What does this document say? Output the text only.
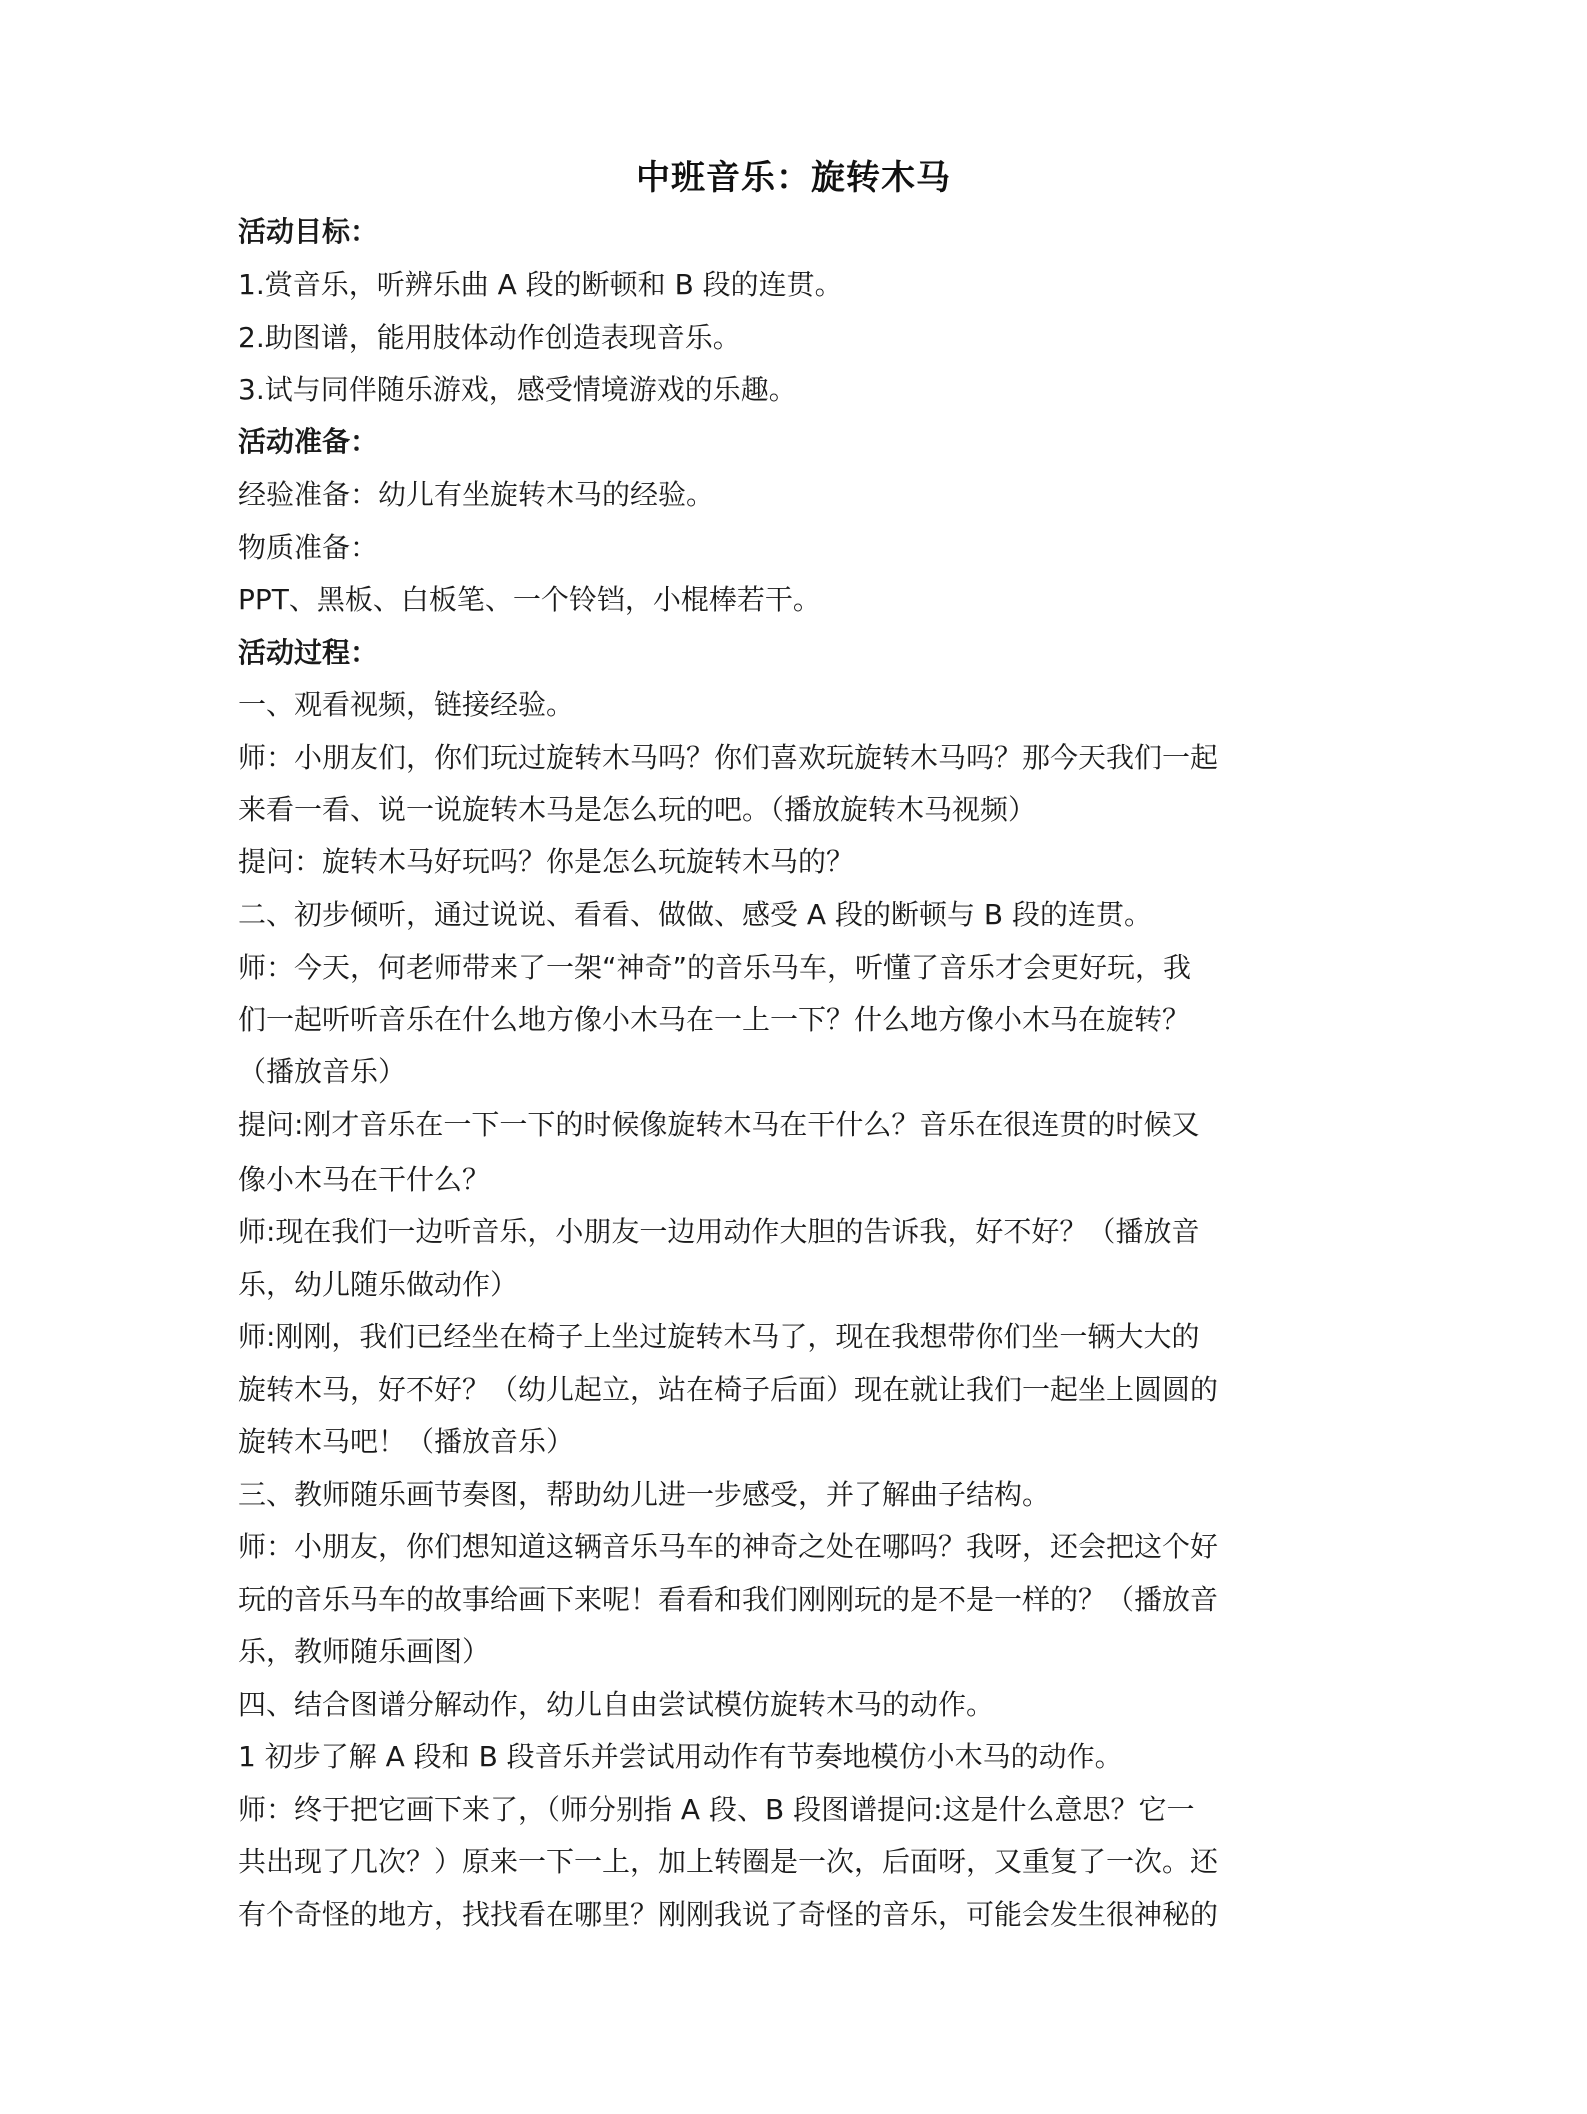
中班音乐：旋转木马
活动目标：
1.赏音乐，听辨乐曲 A 段的断顿和 B 段的连贯。
2.助图谱，能用肢体动作创造表现音乐。
3.试与同伴随乐游戏，感受情境游戏的乐趣。
活动准备：
经验准备：幼儿有坐旋转木马的经验。
物质准备：
PPT、黑板、白板笔、一个铃铛，小棍棒若干。
活动过程：
一、观看视频，链接经验。
师：小朋友们，你们玩过旋转木马吗？你们喜欢玩旋转木马吗？那今天我们一起
来看一看、说一说旋转木马是怎么玩的吧。（播放旋转木马视频）
提问：旋转木马好玩吗？你是怎么玩旋转木马的？
二、初步倾听，通过说说、看看、做做、感受 A 段的断顿与 B 段的连贯。
师：今天，何老师带来了一架“神奇”的音乐马车，听懂了音乐才会更好玩，我
们一起听听音乐在什么地方像小木马在一上一下？什么地方像小木马在旋转？
（播放音乐）
提问:刚才音乐在一下一下的时候像旋转木马在干什么？音乐在很连贯的时候又
像小木马在干什么？
师:现在我们一边听音乐，小朋友一边用动作大胆的告诉我，好不好？（播放音
乐，幼儿随乐做动作）
师:刚刚，我们已经坐在椅子上坐过旋转木马了，现在我想带你们坐一辆大大的
旋转木马，好不好？（幼儿起立，站在椅子后面）现在就让我们一起坐上圆圆的
旋转木马吧！（播放音乐）
三、教师随乐画节奏图，帮助幼儿进一步感受，并了解曲子结构。
师：小朋友，你们想知道这辆音乐马车的神奇之处在哪吗？我呀，还会把这个好
玩的音乐马车的故事给画下来呢！看看和我们刚刚玩的是不是一样的？（播放音
乐，教师随乐画图）
四、结合图谱分解动作，幼儿自由尝试模仿旋转木马的动作。
1 初步了解 A 段和 B 段音乐并尝试用动作有节奏地模仿小木马的动作。
师：终于把它画下来了，（师分别指 A 段、B 段图谱提问:这是什么意思？它一
共出现了几次？）原来一下一上，加上转圈是一次，后面呀，又重复了一次。还
有个奇怪的地方，找找看在哪里？刚刚我说了奇怪的音乐，可能会发生很神秘的
